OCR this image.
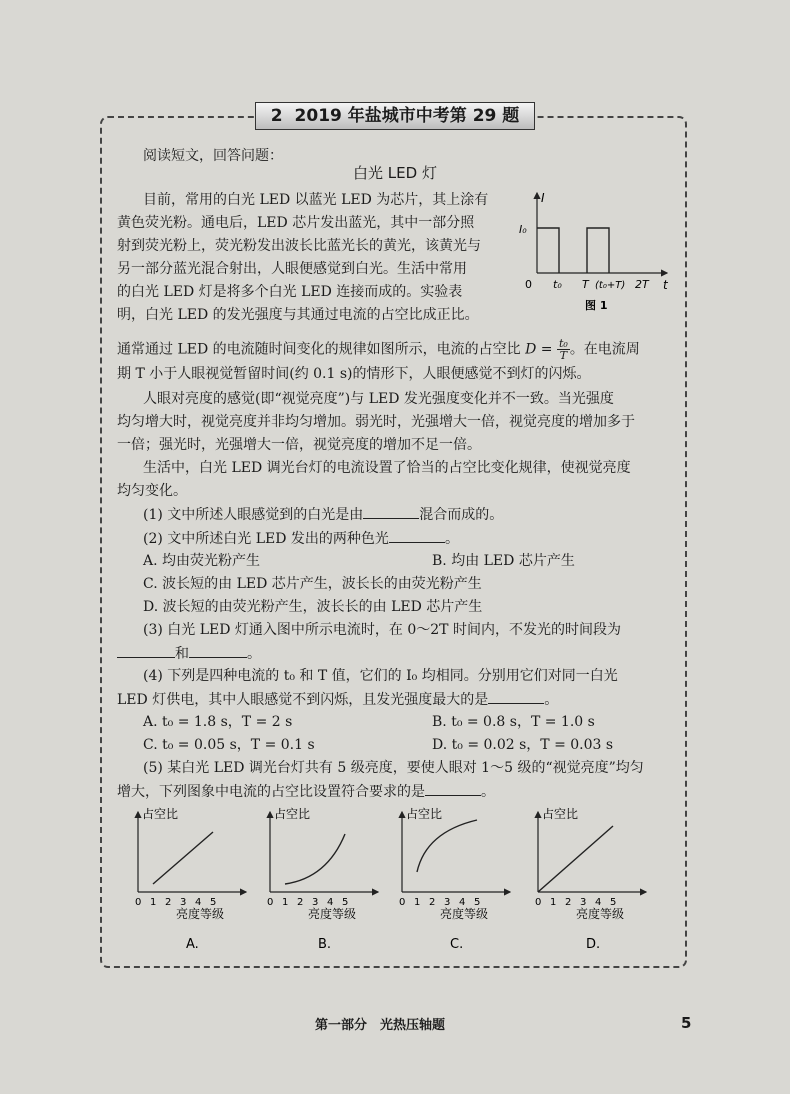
2 2019 年盐城市中考第 29 题
阅读短文，回答问题：
白光 LED 灯
目前，常用的白光 LED 以蓝光 LED 为芯片，其上涂有
黄色荧光粉。通电后，LED 芯片发出蓝光，其中一部分照
射到荧光粉上，荧光粉发出波长比蓝光长的黄光，该黄光与
另一部分蓝光混合射出，人眼便感觉到白光。生活中常用
的白光 LED 灯是将多个白光 LED 连接而成的。实验表
明，白光 LED 的发光强度与其通过电流的占空比成正比。
I
t
I₀
0 t₀ T (t₀+T) 2T
图 1
通常通过 LED 的电流随时间变化的规律如图所示，电流的占空比 $D = \frac{\text{t₀}}{T}$ 。在电流周
期 T 小于人眼视觉暂留时间(约 0.1 s)的情形下，人眼便感觉不到灯的闪烁。
人眼对亮度的感觉(即“视觉亮度”)与 LED 发光强度变化并不一致。当光强度
均匀增大时，视觉亮度并非均匀增加。弱光时，光强增大一倍，视觉亮度的增加多于
一倍；强光时，光强增大一倍，视觉亮度的增加不足一倍。
生活中，白光 LED 调光台灯的电流设置了恰当的占空比变化规律，使视觉亮度
均匀变化。
(1) 文中所述人眼感觉到的白光是由	混合而成的。
(2) 文中所述白光 LED 发出的两种色光	。
A. 均由荧光粉产生	B. 均由 LED 芯片产生
C. 波长短的由 LED 芯片产生，波长长的由荧光粉产生
D. 波长短的由荧光粉产生，波长长的由 LED 芯片产生
(3) 白光 LED 灯通入图中所示电流时，在 0～2T 时间内，不发光的时间段为
和	。
(4) 下列是四种电流的 t₀ 和 T 值，它们的 I₀ 均相同。分别用它们对同一白光
LED 灯供电，其中人眼感觉不到闪烁，且发光强度最大的是	。
A. t₀ = 1.8 s，T = 2 s	B. t₀ = 0.8 s，T = 1.0 s
C. t₀ = 0.05 s，T = 0.1 s	D. t₀ = 0.02 s，T = 0.03 s
(5) 某白光 LED 调光台灯共有 5 级亮度，要使人眼对 1～5 级的“视觉亮度”均匀
增大，下列图象中电流的占空比设置符合要求的是	。
占空比
亮度等级
0 1 2 3 4 5
A.
占空比
亮度等级
0 1 2 3 4 5
B.
占空比
亮度等级
0 1 2 3 4 5
C.
占空比
亮度等级
0 1 2 3 4 5
D.
第一部分　光热压轴题	5
